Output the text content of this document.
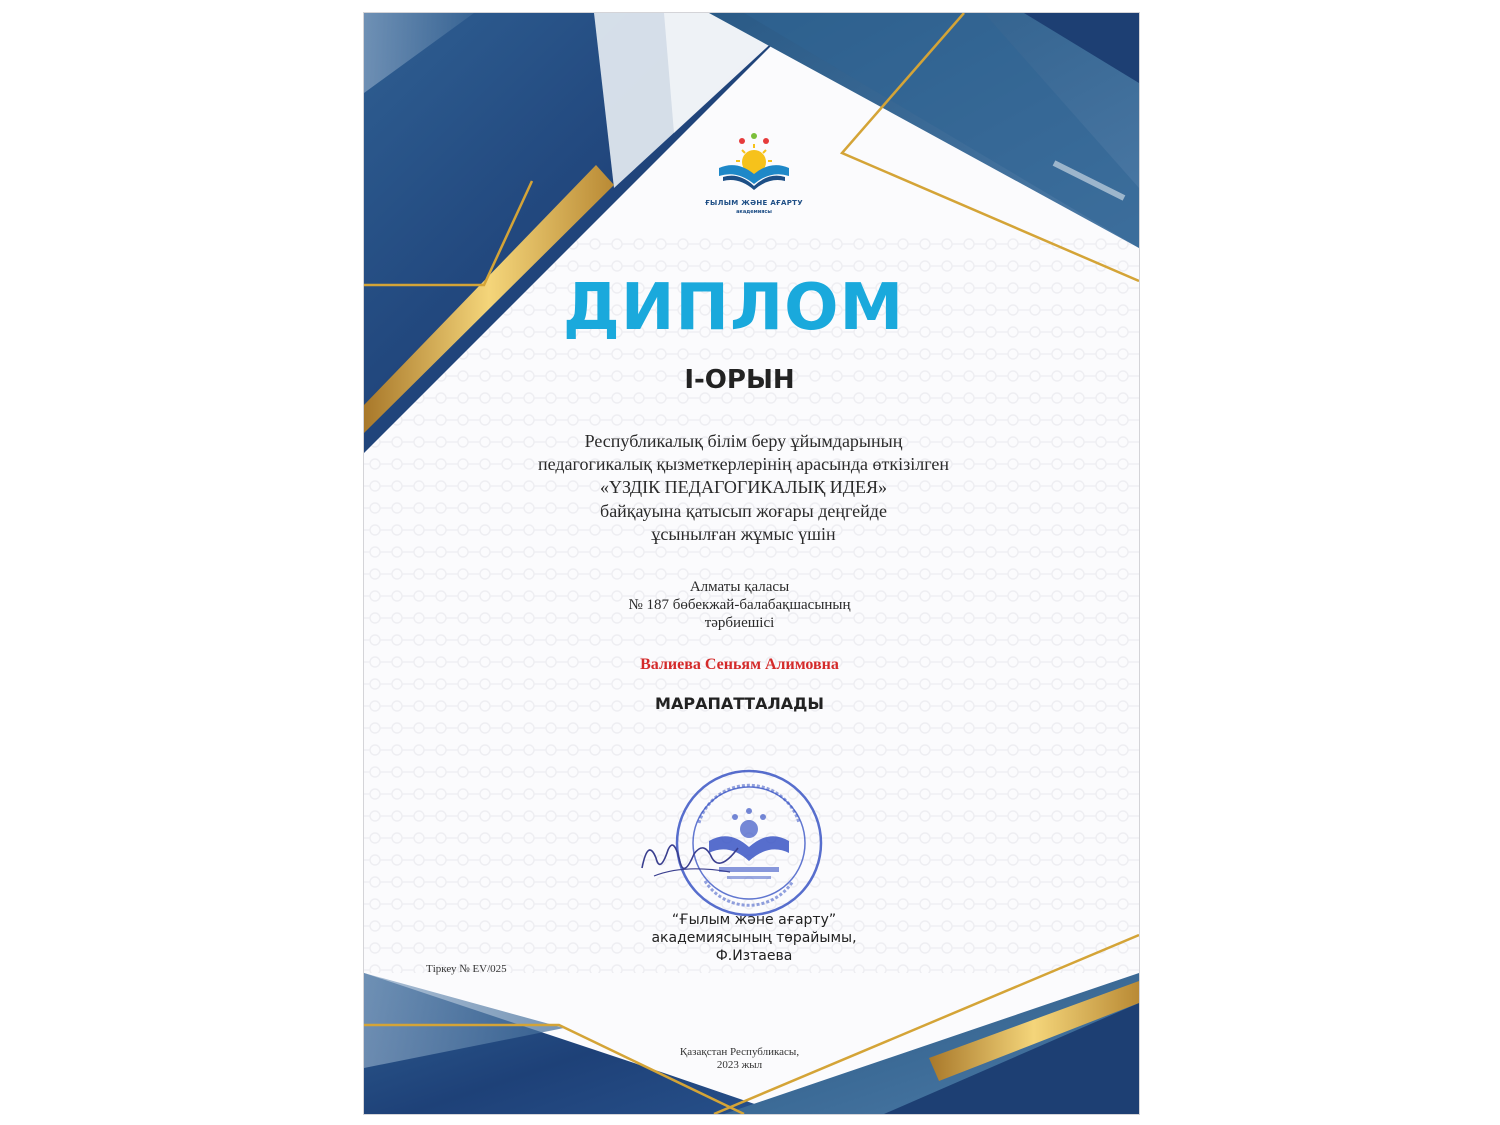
ҒЫЛЫМ ЖӘНЕ АҒАРТУ
академиясы
ДИПЛОМ
I-ОРЫН
Республикалық білім беру ұйымдарының
педагогикалық қызметкерлерінің арасында өткізілген
«ҮЗДІК ПЕДАГОГИКАЛЫҚ ИДЕЯ»
байқауына қатысып жоғары деңгейде
ұсынылған жұмыс үшін
Алматы қаласы
№ 187 бөбекжай-балабақшасының
тәрбиешісі
Валиева Сеньям Алимовна
МАРАПАТТАЛАДЫ
“Ғылым және ағарту”
академиясының төрайымы,
Ф.Изтаева
Тіркеу № EV/025
Қазақстан Республикасы,
2023 жыл
